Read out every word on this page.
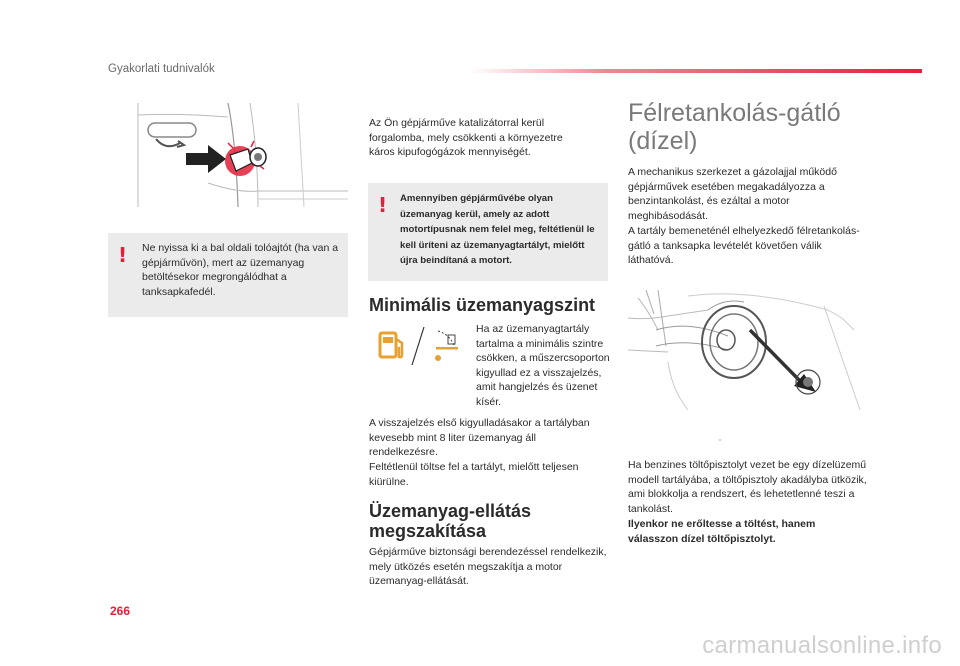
Gyakorlati tudnivalók
! Ne nyissa ki a bal oldali tolóajtót (ha van a gépjárművön), mert az üzemanyag betöltésekor megrongálódhat a tanksapkafedél.
Az Ön gépjárműve katalizátorral kerül forgalomba, mely csökkenti a környezetre káros kipufogógázok mennyiségét.
! Amennyiben gépjárművébe olyan üzemanyag kerül, amely az adott motortípusnak nem felel meg, feltétlenül le kell üríteni az üzemanyagtartályt, mielőtt újra beindítaná a motort.
Minimális üzemanyagszint
Ha az üzemanyagtartály tartalma a minimális szintre csökken, a műszercsoporton kigyullad ez a visszajelzés, amit hangjelzés és üzenet kísér.
A visszajelzés első kigyulladásakor a tartályban kevesebb mint 8 liter üzemanyag áll rendelkezésre.
Feltétlenül töltse fel a tartályt, mielőtt teljesen kiürülne.
Üzemanyag-ellátás
megszakítása
Gépjárműve biztonsági berendezéssel rendelkezik, mely ütközés esetén megszakítja a motor üzemanyag-ellátását.
Félretankolás-gátló
(dízel)
A mechanikus szerkezet a gázolajjal működő gépjárművek esetében megakadályozza a benzintankolást, és ezáltal a motor meghibásodását.
A tartály bemeneténél elhelyezkedő félretankolás-gátló a tanksapka levételét követően válik láthatóvá.
Ha benzines töltőpisztolyt vezet be egy dízelüzemű modell tartályába, a töltőpisztoly akadályba ütközik, ami blokkolja a rendszert, és lehetetlenné teszi a tankolást.
Ilyenkor ne erőltesse a töltést, hanem válasszon dízel töltőpisztolyt.
266
carmanualsonline.info
